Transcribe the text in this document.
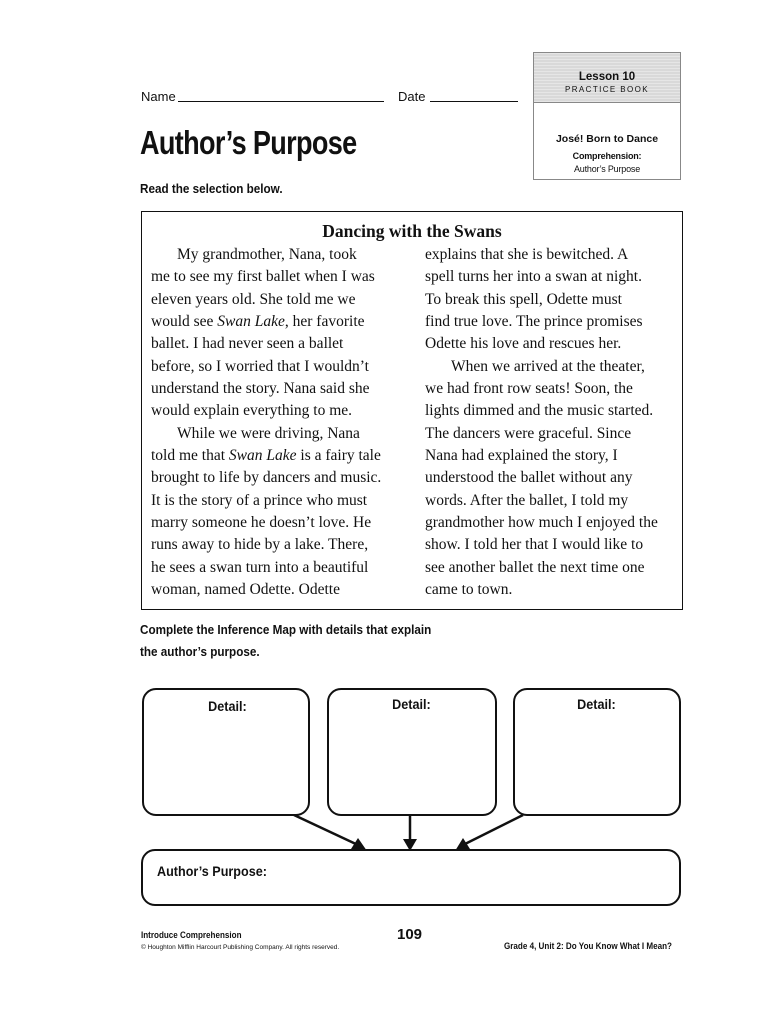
Name	Date
Lesson 10
PRACTICE BOOK
José! Born to Dance
Comprehension:
Author’s Purpose
Author’s Purpose
Read the selection below.
Dancing with the Swans
My grandmother, Nana, took
me to see my first ballet when I was
eleven years old. She told me we
would see Swan Lake, her favorite
ballet. I had never seen a ballet
before, so I worried that I wouldn’t
understand the story. Nana said she
would explain everything to me.
While we were driving, Nana
told me that Swan Lake is a fairy tale
brought to life by dancers and music.
It is the story of a prince who must
marry someone he doesn’t love. He
runs away to hide by a lake. There,
he sees a swan turn into a beautiful
woman, named Odette. Odette
explains that she is bewitched. A
spell turns her into a swan at night.
To break this spell, Odette must
find true love. The prince promises
Odette his love and rescues her.
When we arrived at the theater,
we had front row seats! Soon, the
lights dimmed and the music started.
The dancers were graceful. Since
Nana had explained the story, I
understood the ballet without any
words. After the ballet, I told my
grandmother how much I enjoyed the
show. I told her that I would like to
see another ballet the next time one
came to town.
Complete the Inference Map with details that explain
the author’s purpose.
Detail:	Detail:	Detail:
Author’s Purpose:
Introduce Comprehension
© Houghton Mifflin Harcourt Publishing Company. All rights reserved.
109
Grade 4, Unit 2: Do You Know What I Mean?
